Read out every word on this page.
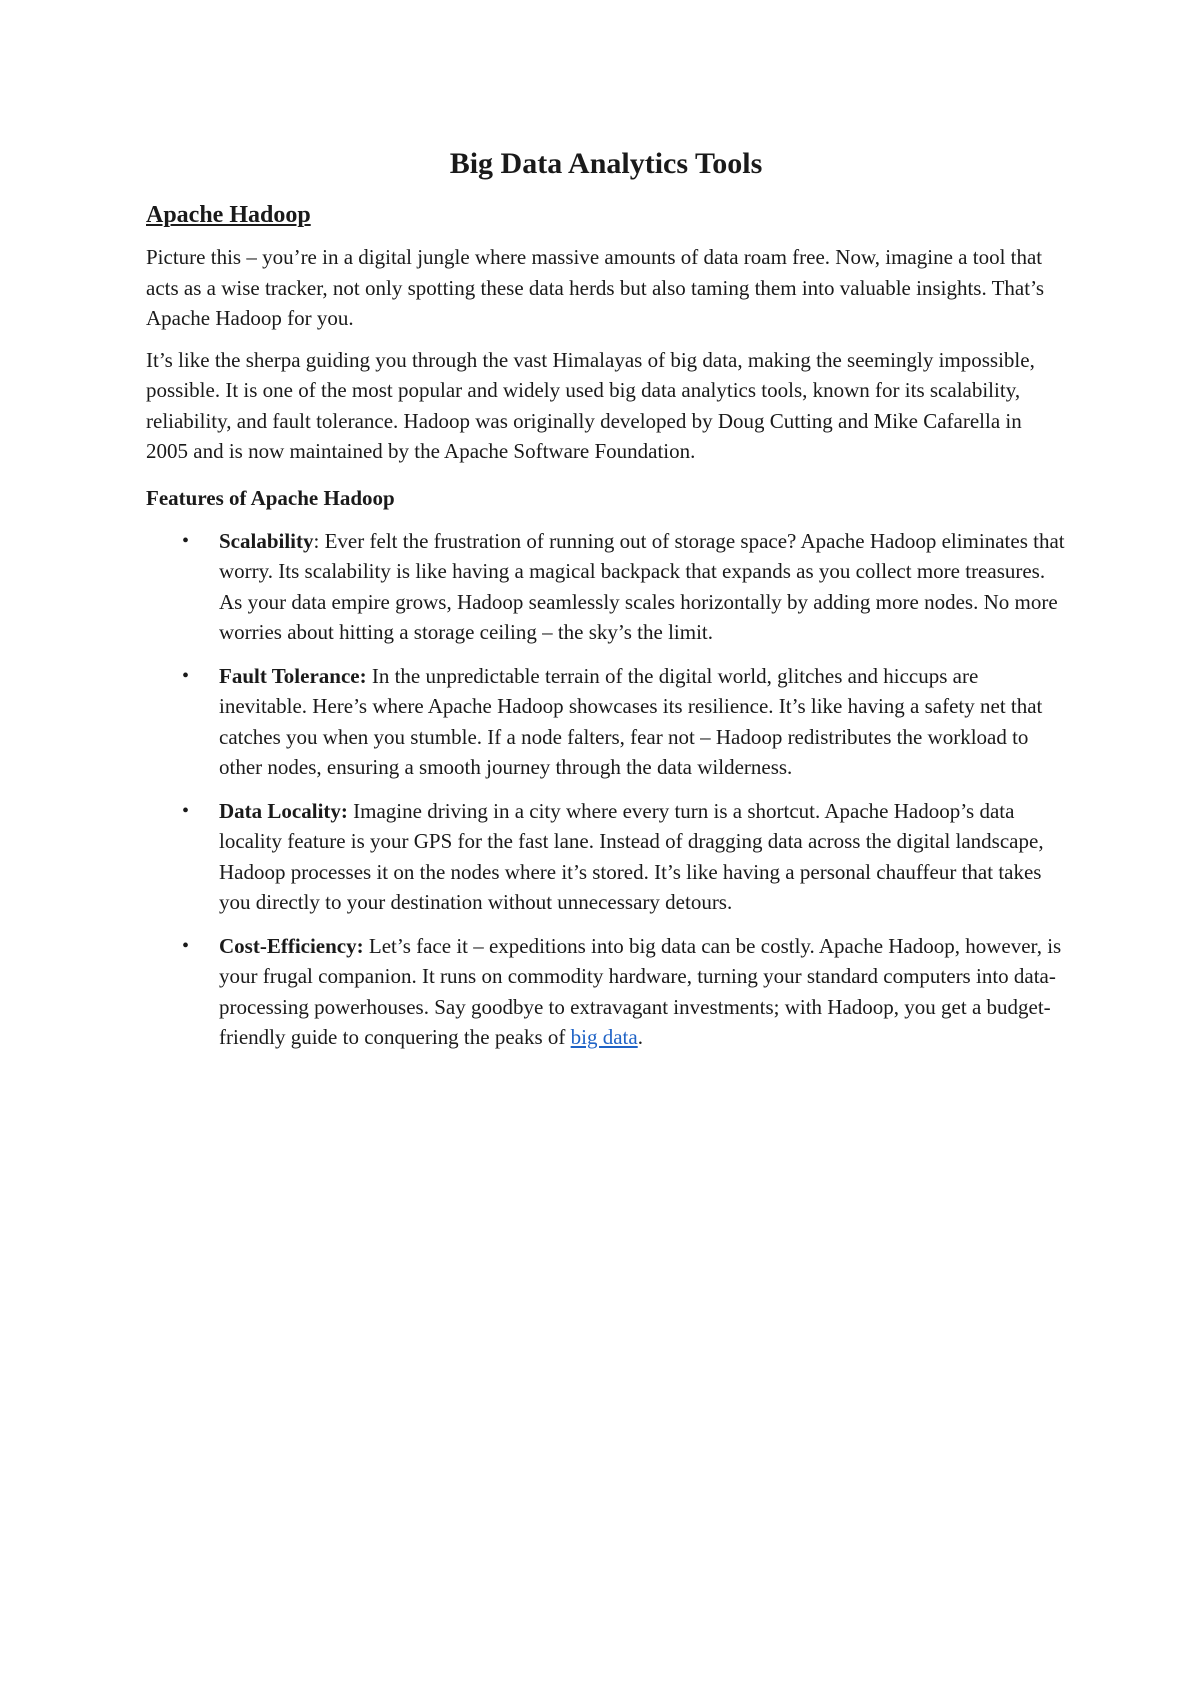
Big Data Analytics Tools
Apache Hadoop

Picture this – you’re in a digital jungle where massive amounts of data roam free. Now, imagine a tool that acts as a wise tracker, not only spotting these data herds but also taming them into valuable insights. That’s Apache Hadoop for you.

It’s like the sherpa guiding you through the vast Himalayas of big data, making the seemingly impossible, possible. It is one of the most popular and widely used big data analytics tools, known for its scalability, reliability, and fault tolerance. Hadoop was originally developed by Doug Cutting and Mike Cafarella in 2005 and is now maintained by the Apache Software Foundation.

Features of Apache Hadoop
• Scalability: Ever felt the frustration of running out of storage space? Apache Hadoop eliminates that worry. Its scalability is like having a magical backpack that expands as you collect more treasures. As your data empire grows, Hadoop seamlessly scales horizontally by adding more nodes. No more worries about hitting a storage ceiling – the sky’s the limit.
• Fault Tolerance: In the unpredictable terrain of the digital world, glitches and hiccups are inevitable. Here’s where Apache Hadoop showcases its resilience. It’s like having a safety net that catches you when you stumble. If a node falters, fear not – Hadoop redistributes the workload to other nodes, ensuring a smooth journey through the data wilderness.
• Data Locality: Imagine driving in a city where every turn is a shortcut. Apache Hadoop’s data locality feature is your GPS for the fast lane. Instead of dragging data across the digital landscape, Hadoop processes it on the nodes where it’s stored. It’s like having a personal chauffeur that takes you directly to your destination without unnecessary detours.
• Cost-Efficiency: Let’s face it – expeditions into big data can be costly. Apache Hadoop, however, is your frugal companion. It runs on commodity hardware, turning your standard computers into data-processing powerhouses. Say goodbye to extravagant investments; with Hadoop, you get a budget-friendly guide to conquering the peaks of big data.
